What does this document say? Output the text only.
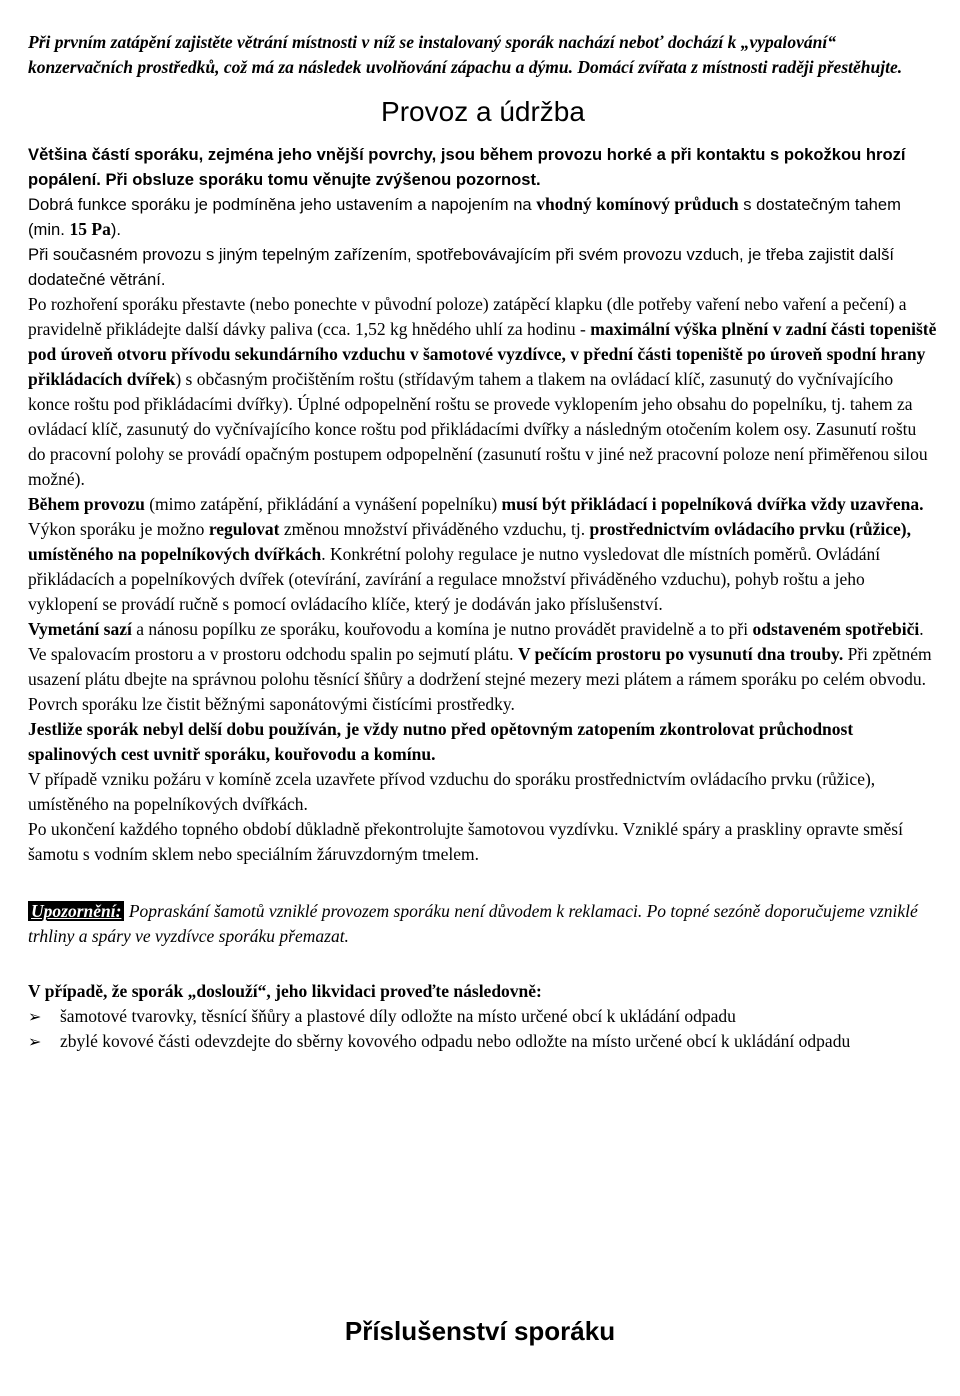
Při prvním zatápění zajistěte větrání místnosti v níž se instalovaný sporák nachází neboť dochází k „vypalování“ konzervačních prostředků, což má za následek uvolňování zápachu a dýmu. Domácí zvířata z místnosti raději přestěhujte.

Provoz a údržba

Většina částí sporáku, zejména jeho vnější povrchy, jsou během provozu horké a při kontaktu s pokožkou hrozí popálení. Při obsluze sporáku tomu věnujte zvýšenou pozornost.

Dobrá funkce sporáku je podmíněna jeho ustavením a napojením na vhodný komínový průduch s dostatečným tahem (min. 15 Pa).

Při současném provozu s jiným tepelným zařízením, spotřebovávajícím při svém provozu vzduch, je třeba zajistit další dodatečné větrání.

Po rozhoření sporáku přestavte (nebo ponechte v původní poloze) zatápěcí klapku (dle potřeby vaření nebo vaření a pečení) a pravidelně přikládejte další dávky paliva (cca. 1,52 kg hnědého uhlí za hodinu - maximální výška plnění v zadní části topeniště pod úroveň otvoru přívodu sekundárního vzduchu v šamotové vyzdívce, v přední části topeniště po úroveň spodní hrany přikládacích dvířek) s občasným pročištěním roštu (střídavým tahem a tlakem na ovládací klíč, zasunutý do vyčnívajícího konce roštu pod přikládacími dvířky). Úplné odpopelnění roštu se provede vyklopením jeho obsahu do popelníku, tj. tahem za ovládací klíč, zasunutý do vyčnívajícího konce roštu pod přikládacími dvířky a následným otočením kolem osy. Zasunutí roštu do pracovní polohy se provádí opačným postupem odpopelnění (zasunutí roštu v jiné než pracovní poloze není přiměřenou silou možné).

Během provozu (mimo zatápění, přikládání a vynášení popelníku) musí být přikládací i popelníková dvířka vždy uzavřena.

Výkon sporáku je možno regulovat změnou množství přiváděného vzduchu, tj. prostřednictvím ovládacího prvku (růžice), umístěného na popelníkových dvířkách. Konkrétní polohy regulace je nutno vysledovat dle místních poměrů. Ovládání přikládacích a popelníkových dvířek (otevírání, zavírání a regulace množství přiváděného vzduchu), pohyb roštu a jeho vyklopení se provádí ručně s pomocí ovládacího klíče, který je dodáván jako příslušenství.

Vymetání sazí a nánosu popílku ze sporáku, kouřovodu a komína je nutno provádět pravidelně a to při odstaveném spotřebiči. Ve spalovacím prostoru a v prostoru odchodu spalin po sejmutí plátu. V pečícím prostoru po vysunutí dna trouby. Při zpětném usazení plátu dbejte na správnou polohu těsnící šňůry a dodržení stejné mezery mezi plátem a rámem sporáku po celém obvodu.

Povrch sporáku lze čistit běžnými saponátovými čistícími prostředky.

Jestliže sporák nebyl delší dobu používán, je vždy nutno před opětovným zatopením zkontrolovat průchodnost spalinových cest uvnitř sporáku, kouřovodu a komínu.

V případě vzniku požáru v komíně zcela uzavřete přívod vzduchu do sporáku prostřednictvím ovládacího prvku (růžice), umístěného na popelníkových dvířkách.

Po ukončení každého topného období důkladně překontrolujte šamotovou vyzdívku. Vzniklé spáry a praskliny opravte směsí šamotu s vodním sklem nebo speciálním žáruvzdorným tmelem.

Upozornění: Popraskání šamotů vzniklé provozem sporáku není důvodem k reklamaci. Po topné sezóně doporučujeme vzniklé trhliny a spáry ve vyzdívce sporáku přemazat.

V případě, že sporák „doslouží“, jeho likvidaci proveďte následovně:

➢ šamotové tvarovky, těsnící šňůry a plastové díly odložte na místo určené obcí k ukládání odpadu
➢ zbylé kovové části odevzdejte do sběrny kovového odpadu nebo odložte na místo určené obcí k ukládání odpadu
Příslušenství sporáku
